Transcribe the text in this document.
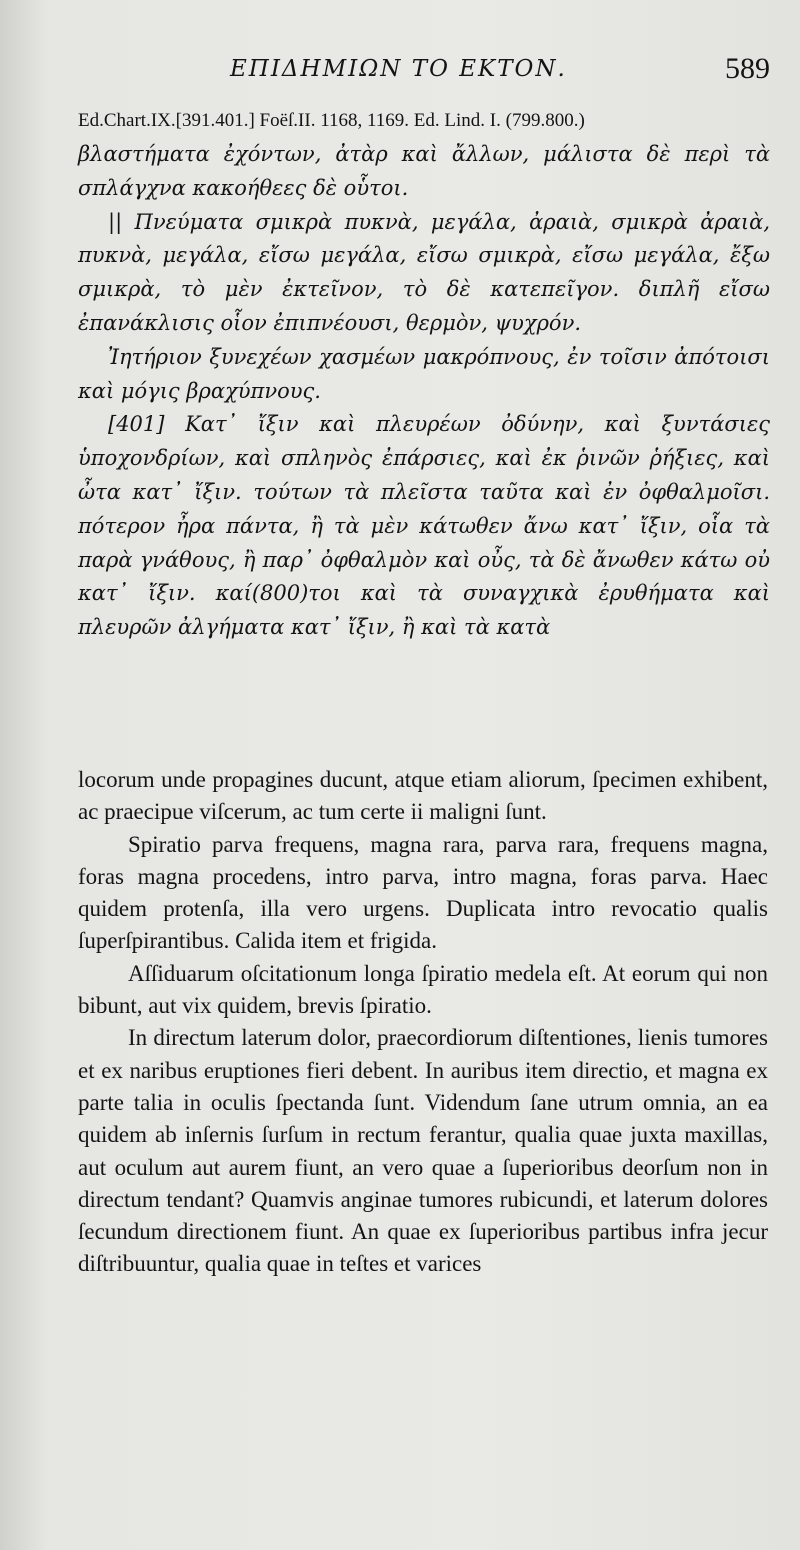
ΕΠΙΔΗΜΙΩΝ ΤΟ ΕΚΤΟΝ.	589
Ed.Chart.IX.[391.401.] Foëſ.II. 1168, 1169. Ed. Lind. I. (799.800.)

βλαστήματα ἐχόντων, ἀτὰρ καὶ ἄλλων, μάλιστα δὲ περὶ τὰ σπλάγχνα κακοήθεες δὲ οὗτοι.

|| Πνεύματα σμικρὰ πυκνὰ, μεγάλα, ἀραιὰ, σμικρὰ ἀραιὰ, πυκνὰ, μεγάλα, εἴσω μεγάλα, εἴσω σμικρὰ, εἴσω μεγάλα, ἔξω σμικρὰ, τὸ μὲν ἐκτεῖνον, τὸ δὲ κατεπεῖγον. διπλῆ εἴσω ἐπανάκλισις οἷον ἐπιπνέουσι, θερμὸν, ψυχρόν.

Ἰητήριον ξυνεχέων χασμέων μακρόπνους, ἐν τοῖσιν ἀπότοισι καὶ μόγις βραχύπνους.

[401] Κατ᾽ ἴξιν καὶ πλευρέων ὀδύνην, καὶ ξυντάσιες ὑποχονδρίων, καὶ σπληνὸς ἐπάρσιες, καὶ ἐκ ῥινῶν ῥήξιες, καὶ ὦτα κατ᾽ ἴξιν. τούτων τὰ πλεῖστα ταῦτα καὶ ἐν ὀφθαλμοῖσι. πότερον ἦρα πάντα, ἢ τὰ μὲν κάτωθεν ἄνω κατ᾽ ἴξιν, οἷα τὰ παρὰ γνάθους, ἢ παρ᾽ ὀφθαλμὸν καὶ οὖς, τὰ δὲ ἄνωθεν κάτω οὐ κατ᾽ ἴξιν. καί(800)τοι καὶ τὰ συναγχικὰ ἐρυθήματα καὶ πλευρῶν ἀλγήματα κατ᾽ ἴξιν, ἢ καὶ τὰ κατὰ

locorum unde propagines ducunt, atque etiam aliorum, ſpecimen exhibent, ac praecipue viſcerum, ac tum certe ii maligni ſunt.

Spiratio parva frequens, magna rara, parva rara, frequens magna, foras magna procedens, intro parva, intro magna, foras parva. Haec quidem protenſa, illa vero urgens. Duplicata intro revocatio qualis ſuperſpirantibus. Calida item et frigida.

Aſſiduarum oſcitationum longa ſpiratio medela eſt. At eorum qui non bibunt, aut vix quidem, brevis ſpiratio.

In directum laterum dolor, praecordiorum diſtentiones, lienis tumores et ex naribus eruptiones fieri debent. In auribus item directio, et magna ex parte talia in oculis ſpectanda ſunt. Videndum ſane utrum omnia, an ea quidem ab inſernis ſurſum in rectum ferantur, qualia quae juxta maxillas, aut oculum aut aurem fiunt, an vero quae a ſuperioribus deorſum non in directum tendant? Quamvis anginae tumores rubicundi, et laterum dolores ſecundum directionem fiunt. An quae ex ſuperioribus partibus infra jecur diſtribuuntur, qualia quae in teſtes et varices
